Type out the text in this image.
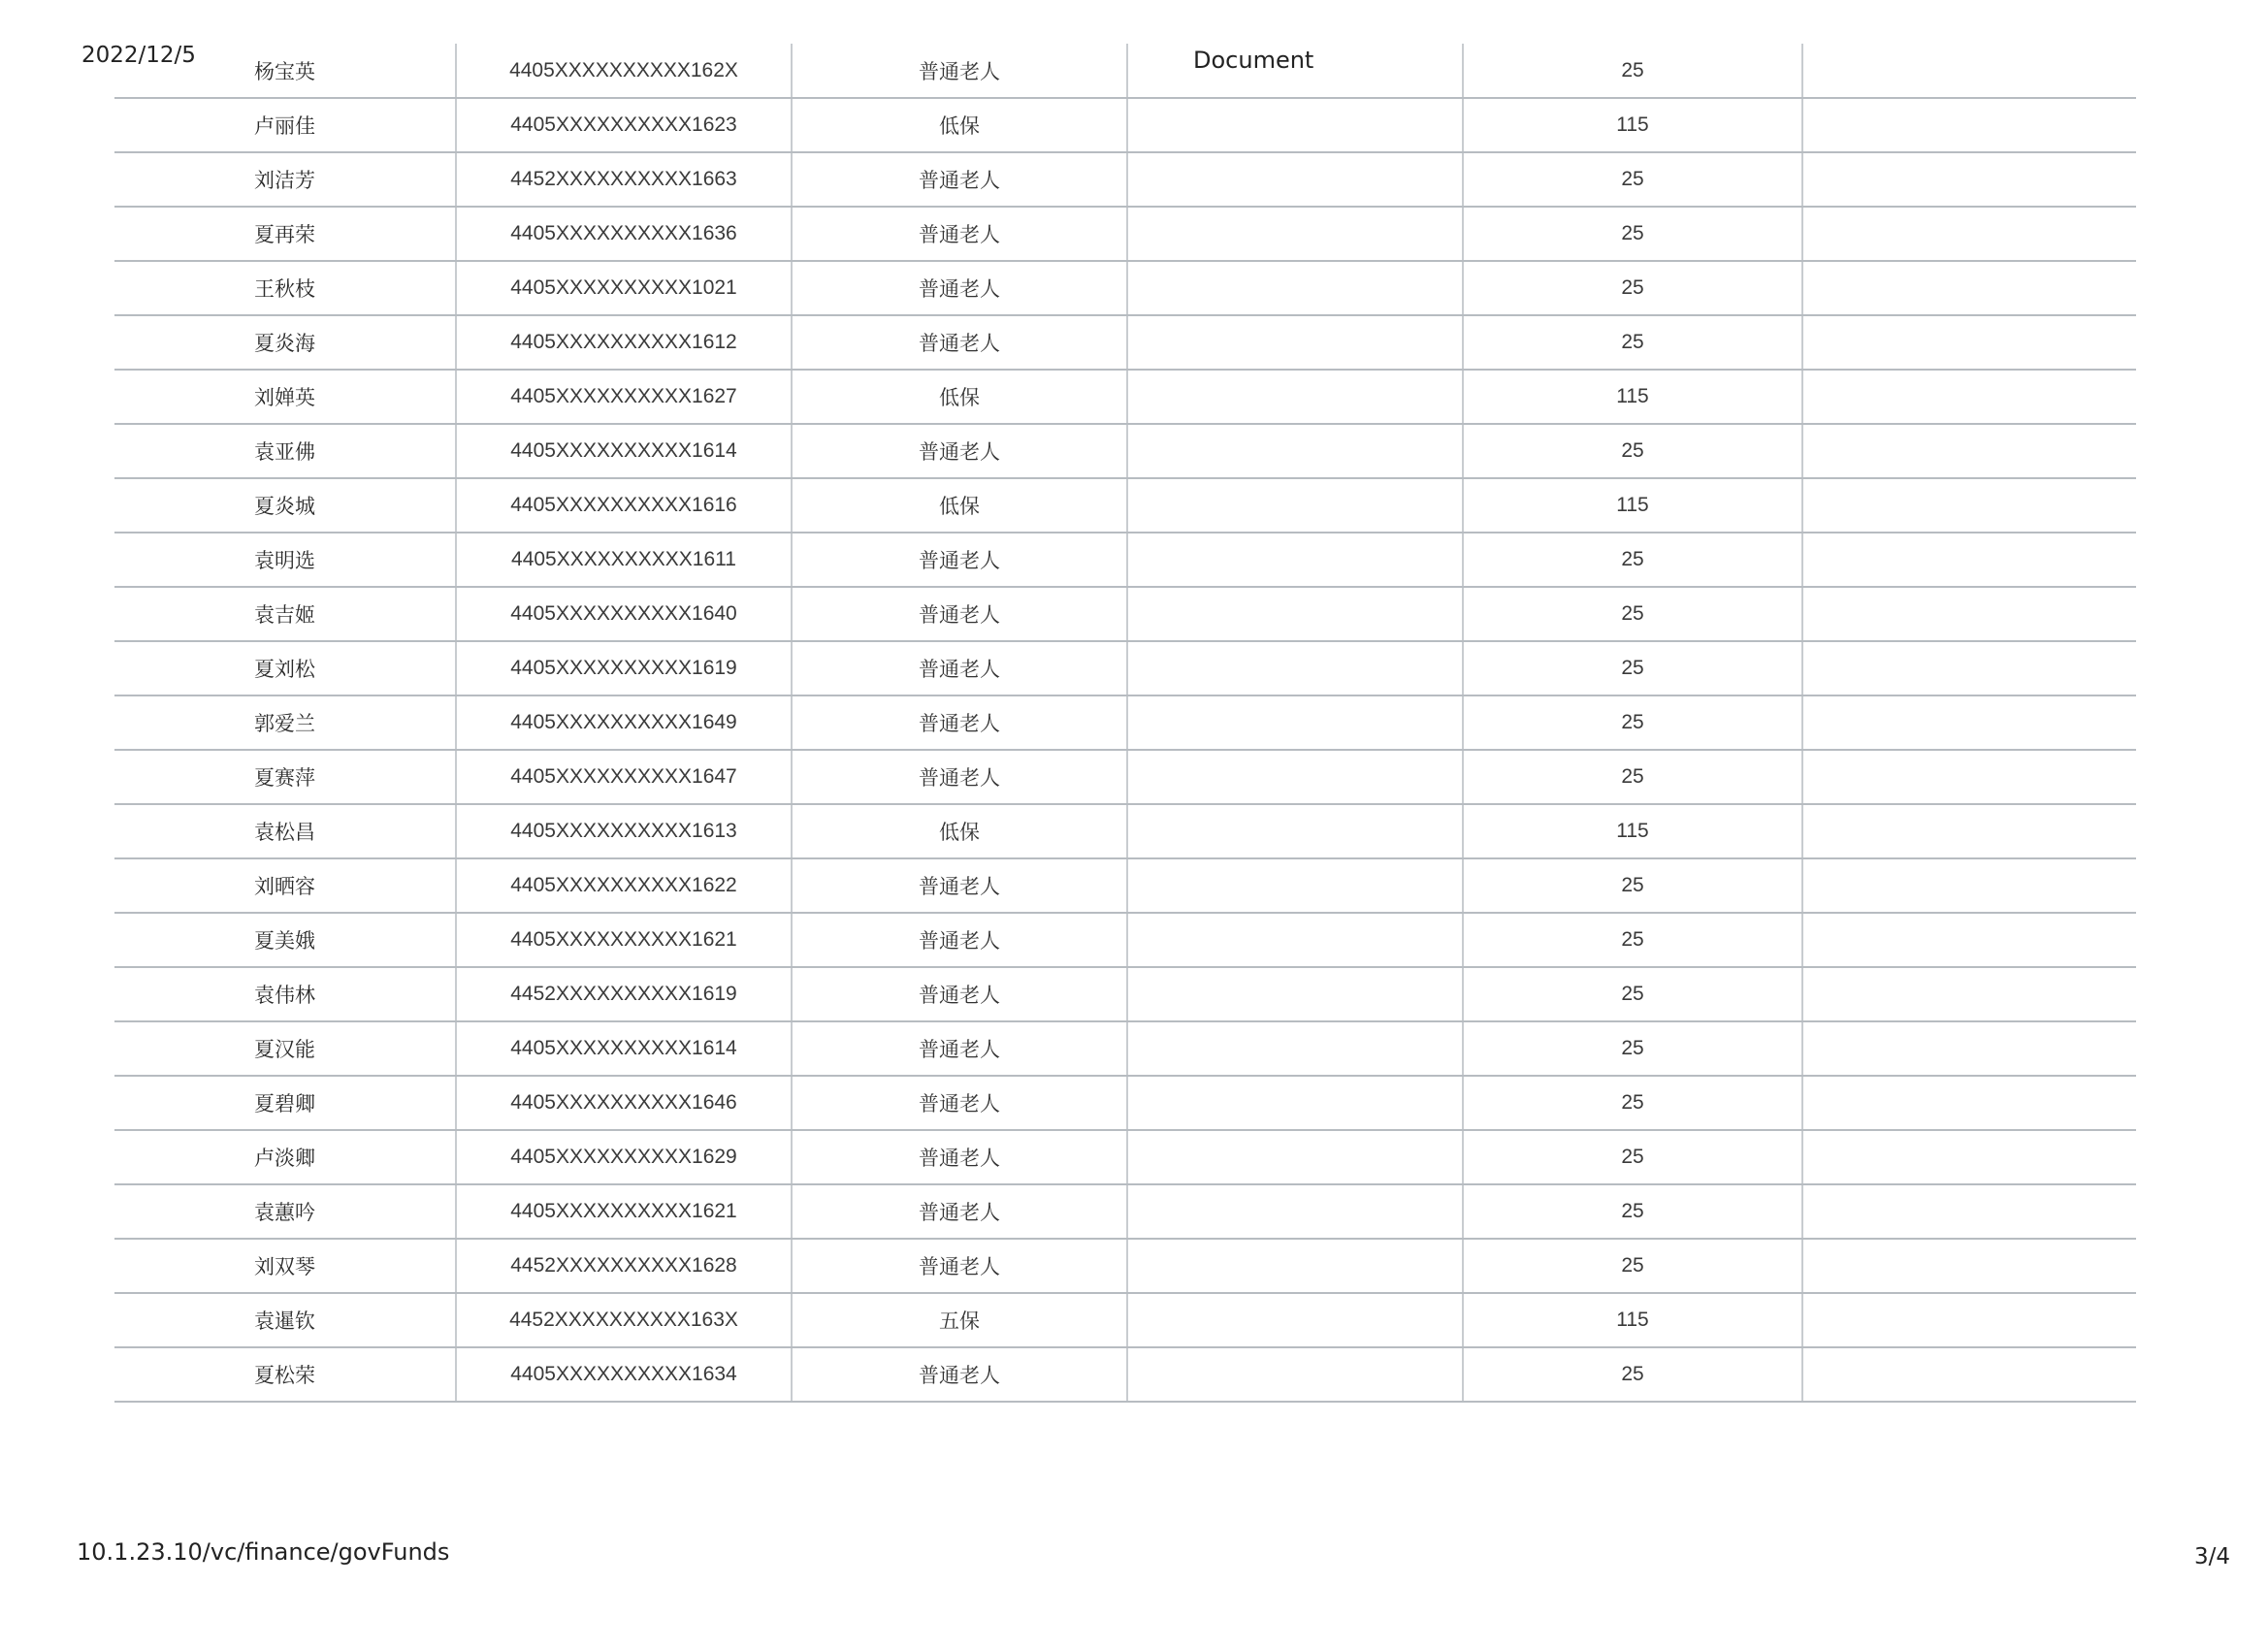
2022/12/5	Document
杨宝英	4405XXXXXXXXXX162X	普通老人		25	
卢丽佳	4405XXXXXXXXXX1623	低保		115	
刘洁芳	4452XXXXXXXXXX1663	普通老人		25	
夏再荣	4405XXXXXXXXXX1636	普通老人		25	
王秋枝	4405XXXXXXXXXX1021	普通老人		25	
夏炎海	4405XXXXXXXXXX1612	普通老人		25	
刘婵英	4405XXXXXXXXXX1627	低保		115	
袁亚佛	4405XXXXXXXXXX1614	普通老人		25	
夏炎城	4405XXXXXXXXXX1616	低保		115	
袁明选	4405XXXXXXXXXX1611	普通老人		25	
袁吉姬	4405XXXXXXXXXX1640	普通老人		25	
夏刘松	4405XXXXXXXXXX1619	普通老人		25	
郭爱兰	4405XXXXXXXXXX1649	普通老人		25	
夏赛萍	4405XXXXXXXXXX1647	普通老人		25	
袁松昌	4405XXXXXXXXXX1613	低保		115	
刘晒容	4405XXXXXXXXXX1622	普通老人		25	
夏美娥	4405XXXXXXXXXX1621	普通老人		25	
袁伟林	4452XXXXXXXXXX1619	普通老人		25	
夏汉能	4405XXXXXXXXXX1614	普通老人		25	
夏碧卿	4405XXXXXXXXXX1646	普通老人		25	
卢淡卿	4405XXXXXXXXXX1629	普通老人		25	
袁蕙吟	4405XXXXXXXXXX1621	普通老人		25	
刘双琴	4452XXXXXXXXXX1628	普通老人		25	
袁暹钦	4452XXXXXXXXXX163X	五保		115	
夏松荣	4405XXXXXXXXXX1634	普通老人		25	
10.1.23.10/vc/finance/govFunds	3/4
